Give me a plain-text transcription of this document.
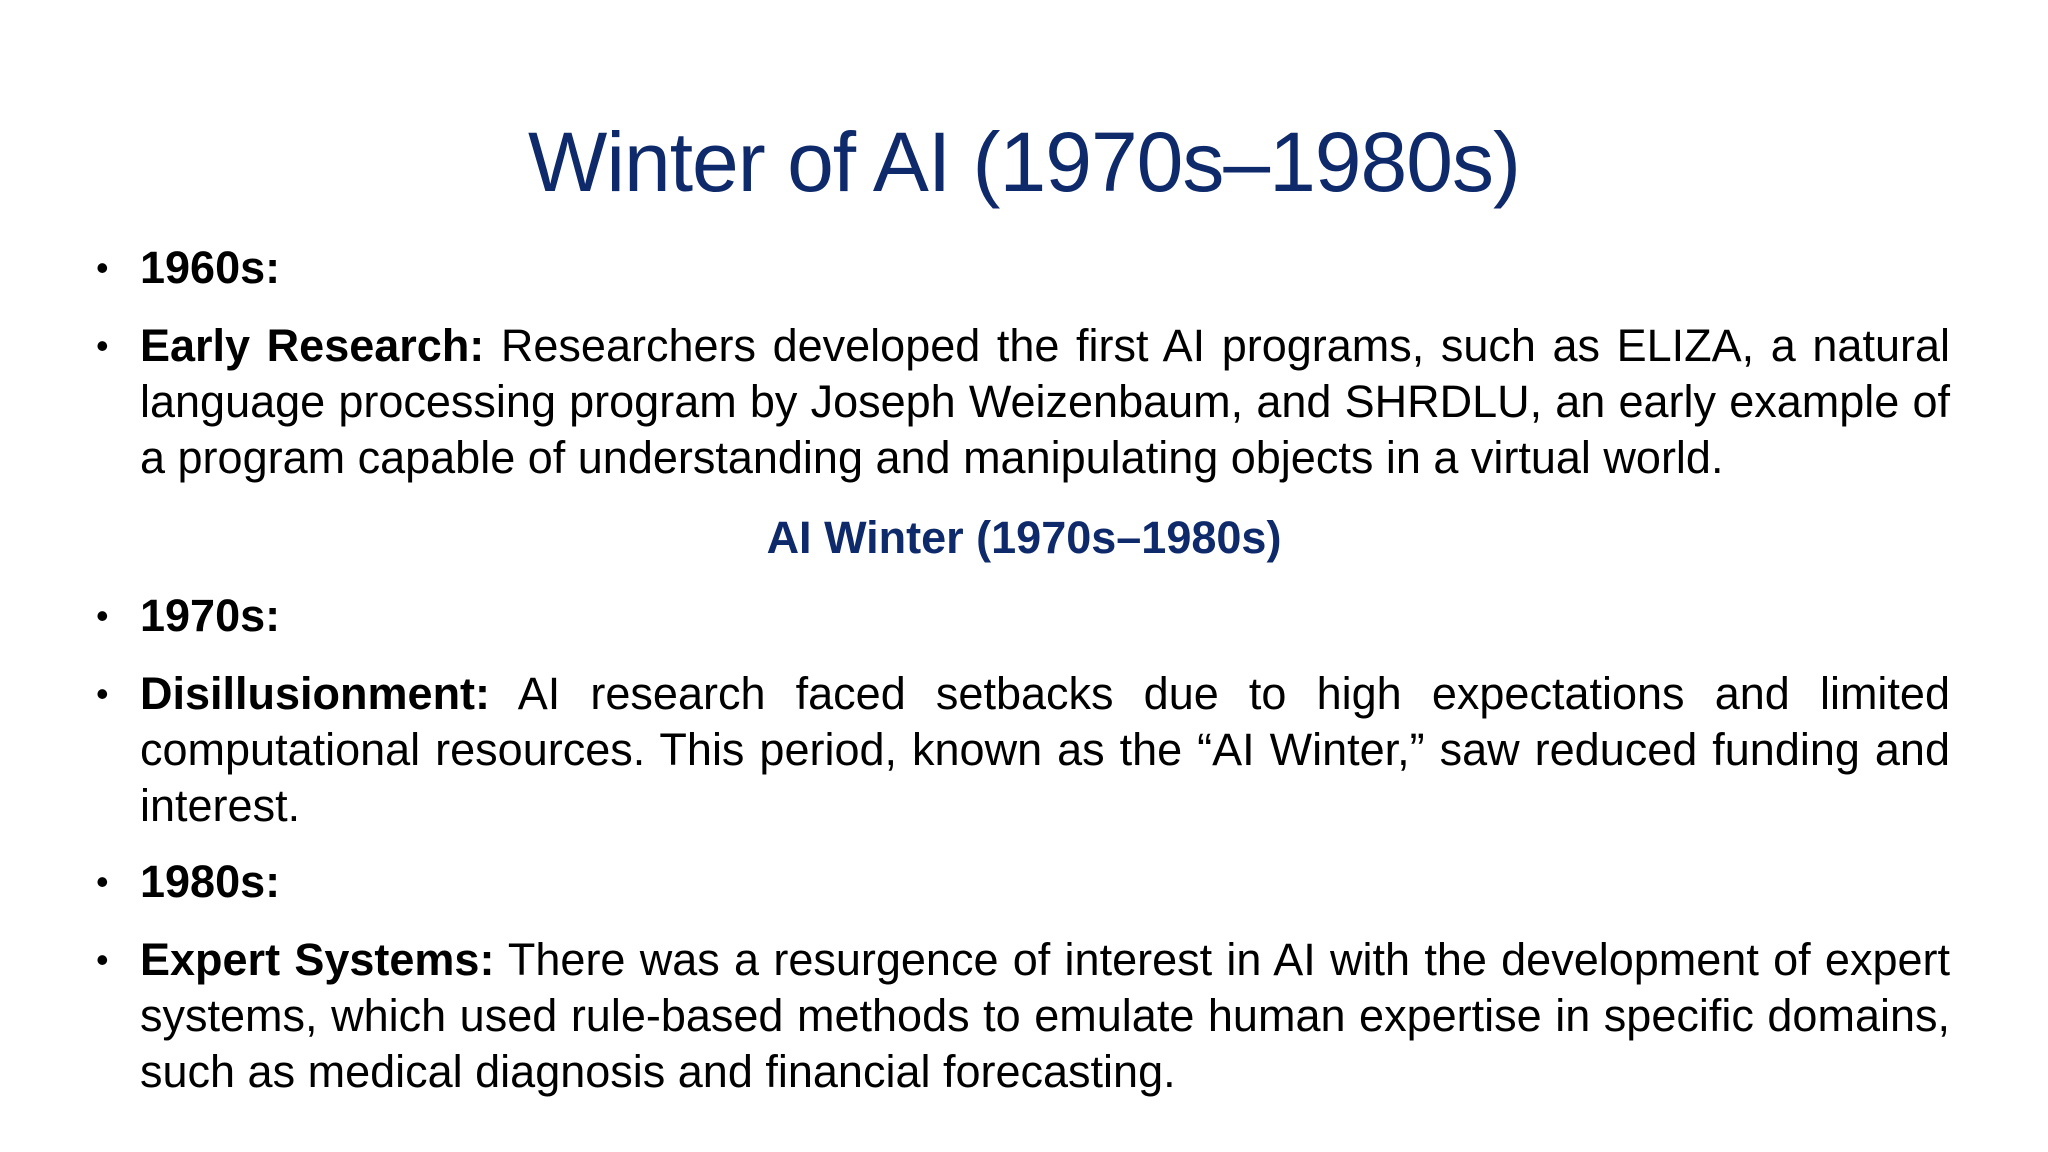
Winter of AI (1970s–1980s)
• 1960s:
• Early Research: Researchers developed the first AI programs, such as ELIZA, a natural language processing program by Joseph Weizenbaum, and SHRDLU, an early example of a program capable of understanding and manipulating objects in a virtual world.
AI Winter (1970s–1980s)
• 1970s:
• Disillusionment: AI research faced setbacks due to high expectations and limited computational resources. This period, known as the “AI Winter,” saw reduced funding and interest.
• 1980s:
• Expert Systems: There was a resurgence of interest in AI with the development of expert systems, which used rule-based methods to emulate human expertise in specific domains, such as medical diagnosis and financial forecasting.
